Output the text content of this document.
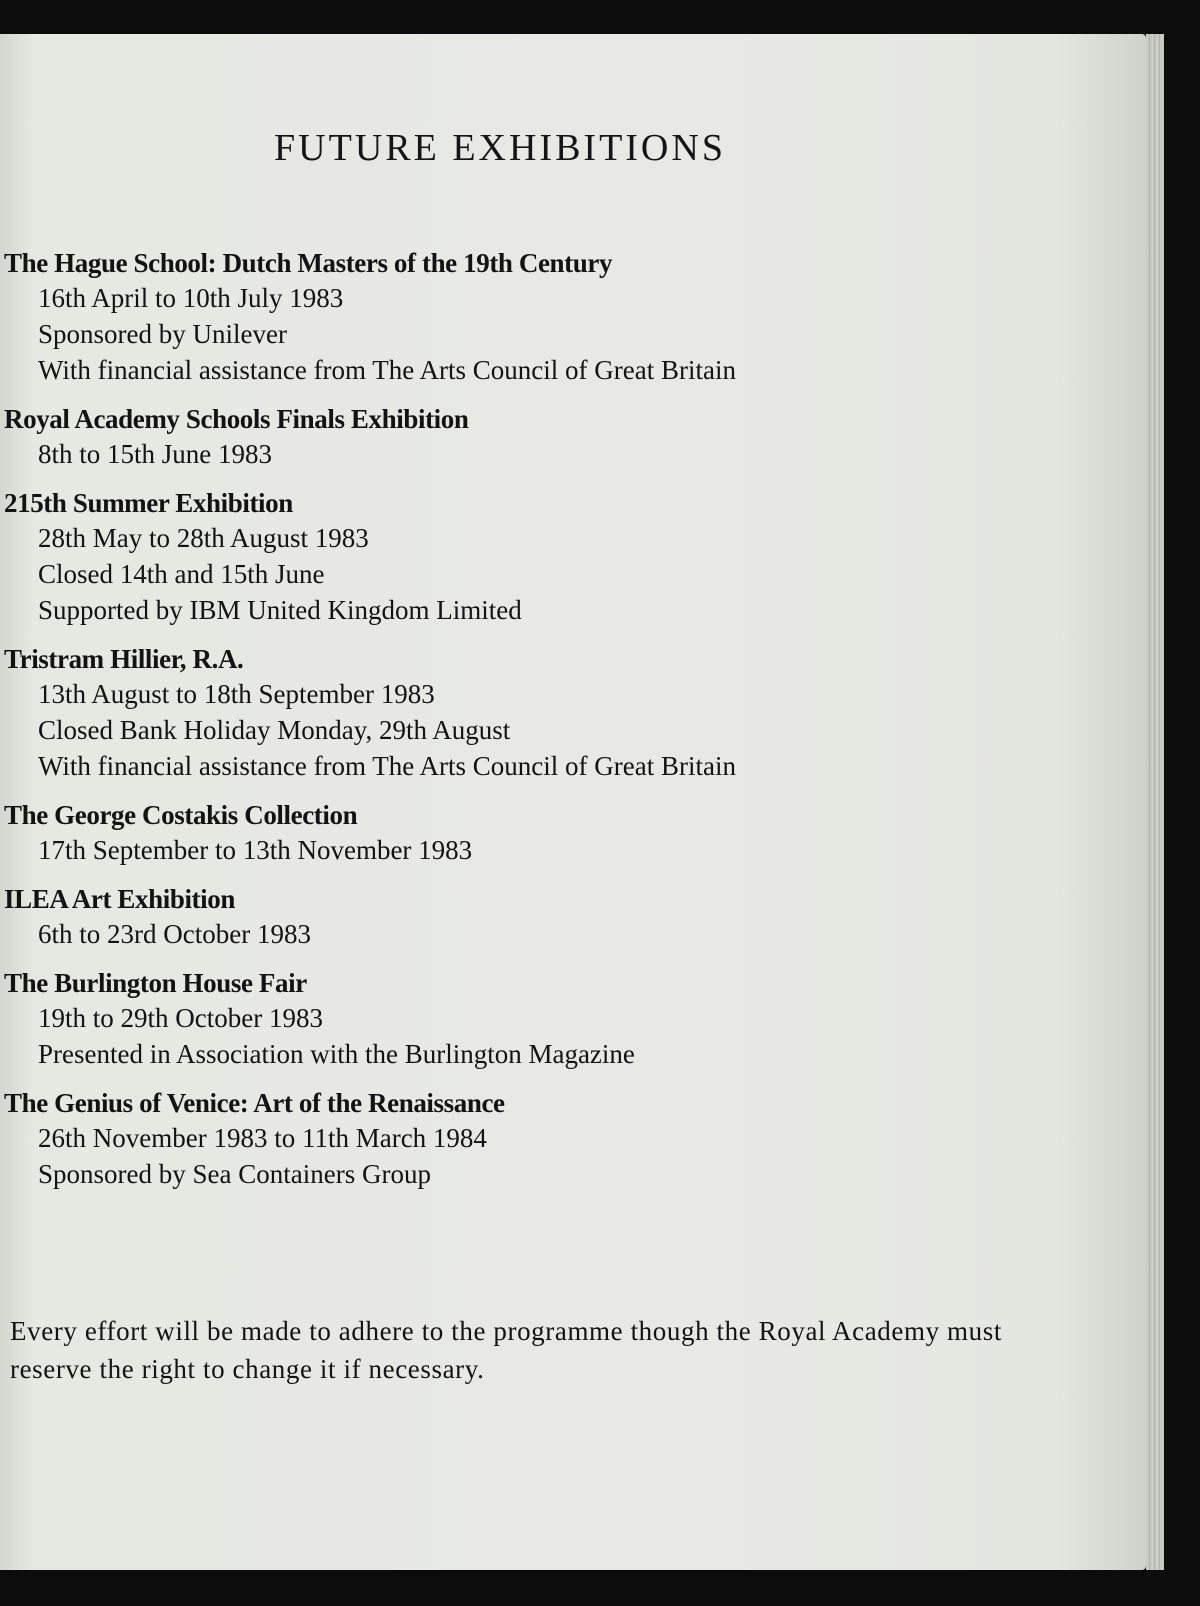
FUTURE EXHIBITIONS
The Hague School: Dutch Masters of the 19th Century
16th April to 10th July 1983
Sponsored by Unilever
With financial assistance from The Arts Council of Great Britain
Royal Academy Schools Finals Exhibition
8th to 15th June 1983
215th Summer Exhibition
28th May to 28th August 1983
Closed 14th and 15th June
Supported by IBM United Kingdom Limited
Tristram Hillier, R.A.
13th August to 18th September 1983
Closed Bank Holiday Monday, 29th August
With financial assistance from The Arts Council of Great Britain
The George Costakis Collection
17th September to 13th November 1983
ILEA Art Exhibition
6th to 23rd October 1983
The Burlington House Fair
19th to 29th October 1983
Presented in Association with the Burlington Magazine
The Genius of Venice: Art of the Renaissance
26th November 1983 to 11th March 1984
Sponsored by Sea Containers Group
Every effort will be made to adhere to the programme though the Royal Academy must reserve the right to change it if necessary.
